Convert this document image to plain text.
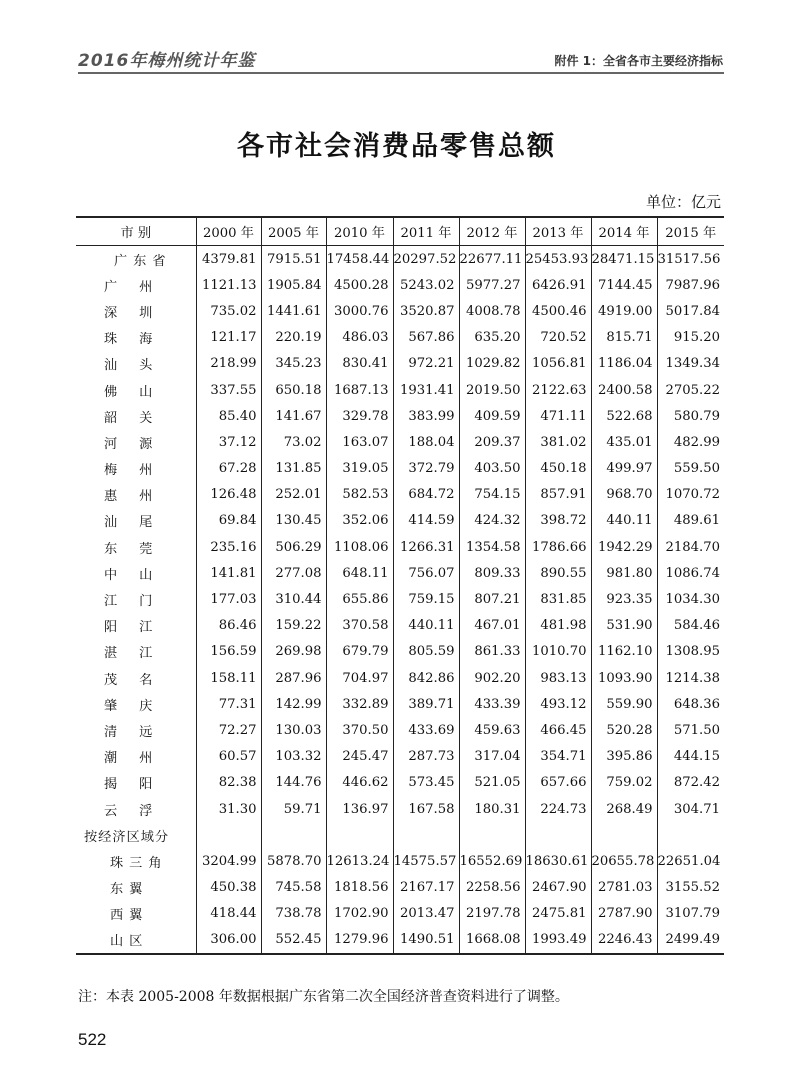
2016年梅州统计年鉴	附件 1：全省各市主要经济指标
各市社会消费品零售总额
单位：亿元
市 别	2000 年	2005 年	2010 年	2011 年	2012 年	2013 年	2014 年	2015 年
广东省	4379.81	7915.51	17458.44	20297.52	22677.11	25453.93	28471.15	31517.56
广州	1121.13	1905.84	4500.28	5243.02	5977.27	6426.91	7144.45	7987.96
深圳	735.02	1441.61	3000.76	3520.87	4008.78	4500.46	4919.00	5017.84
珠海	121.17	220.19	486.03	567.86	635.20	720.52	815.71	915.20
汕头	218.99	345.23	830.41	972.21	1029.82	1056.81	1186.04	1349.34
佛山	337.55	650.18	1687.13	1931.41	2019.50	2122.63	2400.58	2705.22
韶关	85.40	141.67	329.78	383.99	409.59	471.11	522.68	580.79
河源	37.12	73.02	163.07	188.04	209.37	381.02	435.01	482.99
梅州	67.28	131.85	319.05	372.79	403.50	450.18	499.97	559.50
惠州	126.48	252.01	582.53	684.72	754.15	857.91	968.70	1070.72
汕尾	69.84	130.45	352.06	414.59	424.32	398.72	440.11	489.61
东莞	235.16	506.29	1108.06	1266.31	1354.58	1786.66	1942.29	2184.70
中山	141.81	277.08	648.11	756.07	809.33	890.55	981.80	1086.74
江门	177.03	310.44	655.86	759.15	807.21	831.85	923.35	1034.30
阳江	86.46	159.22	370.58	440.11	467.01	481.98	531.90	584.46
湛江	156.59	269.98	679.79	805.59	861.33	1010.70	1162.10	1308.95
茂名	158.11	287.96	704.97	842.86	902.20	983.13	1093.90	1214.38
肇庆	77.31	142.99	332.89	389.71	433.39	493.12	559.90	648.36
清远	72.27	130.03	370.50	433.69	459.63	466.45	520.28	571.50
潮州	60.57	103.32	245.47	287.73	317.04	354.71	395.86	444.15
揭阳	82.38	144.76	446.62	573.45	521.05	657.66	759.02	872.42
云浮	31.30	59.71	136.97	167.58	180.31	224.73	268.49	304.71
按经济区域分								
珠三角	3204.99	5878.70	12613.24	14575.57	16552.69	18630.61	20655.78	22651.04
东翼	450.38	745.58	1818.56	2167.17	2258.56	2467.90	2781.03	3155.52
西翼	418.44	738.78	1702.90	2013.47	2197.78	2475.81	2787.90	3107.79
山区	306.00	552.45	1279.96	1490.51	1668.08	1993.49	2246.43	2499.49
注：本表 2005-2008 年数据根据广东省第二次全国经济普查资料进行了调整。
522
